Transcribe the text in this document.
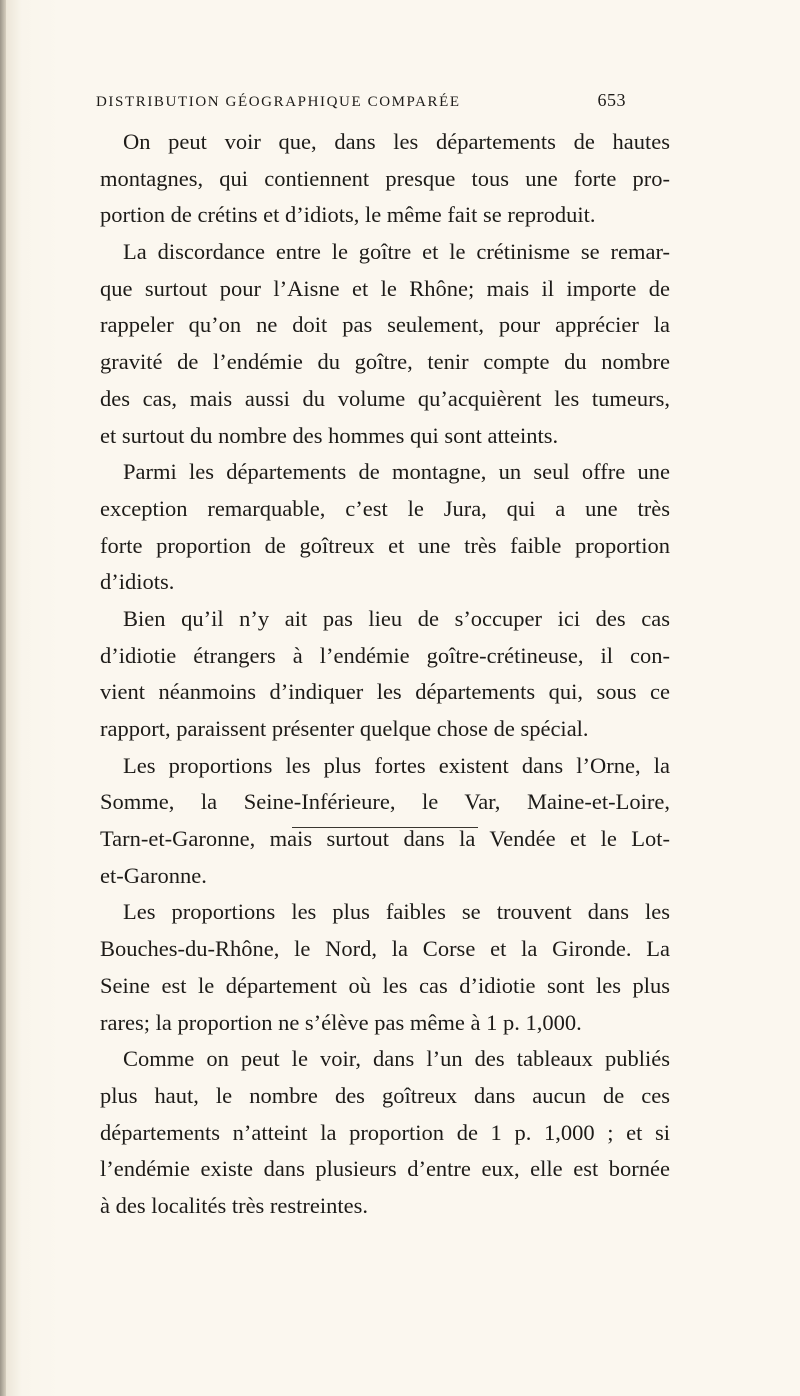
DISTRIBUTION GÉOGRAPHIQUE COMPARÉE	653
On peut voir que, dans les départements de hautes
montagnes, qui contiennent presque tous une forte pro-
portion de crétins et d’idiots, le même fait se reproduit.
La discordance entre le goître et le crétinisme se remar-
que surtout pour l’Aisne et le Rhône; mais il importe de
rappeler qu’on ne doit pas seulement, pour apprécier la
gravité de l’endémie du goître, tenir compte du nombre
des cas, mais aussi du volume qu’acquièrent les tumeurs,
et surtout du nombre des hommes qui sont atteints.
Parmi les départements de montagne, un seul offre une
exception remarquable, c’est le Jura, qui a une très
forte proportion de goîtreux et une très faible proportion
d’idiots.
Bien qu’il n’y ait pas lieu de s’occuper ici des cas
d’idiotie étrangers à l’endémie goître-crétineuse, il con-
vient néanmoins d’indiquer les départements qui, sous ce
rapport, paraissent présenter quelque chose de spécial.
Les proportions les plus fortes existent dans l’Orne, la
Somme, la Seine-Inférieure, le Var, Maine-et-Loire,
Tarn-et-Garonne, mais surtout dans la Vendée et le Lot-
et-Garonne.
Les proportions les plus faibles se trouvent dans les
Bouches-du-Rhône, le Nord, la Corse et la Gironde. La
Seine est le département où les cas d’idiotie sont les plus
rares; la proportion ne s’élève pas même à 1 p. 1,000.
Comme on peut le voir, dans l’un des tableaux publiés
plus haut, le nombre des goîtreux dans aucun de ces
départements n’atteint la proportion de 1 p. 1,000 ; et si
l’endémie existe dans plusieurs d’entre eux, elle est bornée
à des localités très restreintes.
